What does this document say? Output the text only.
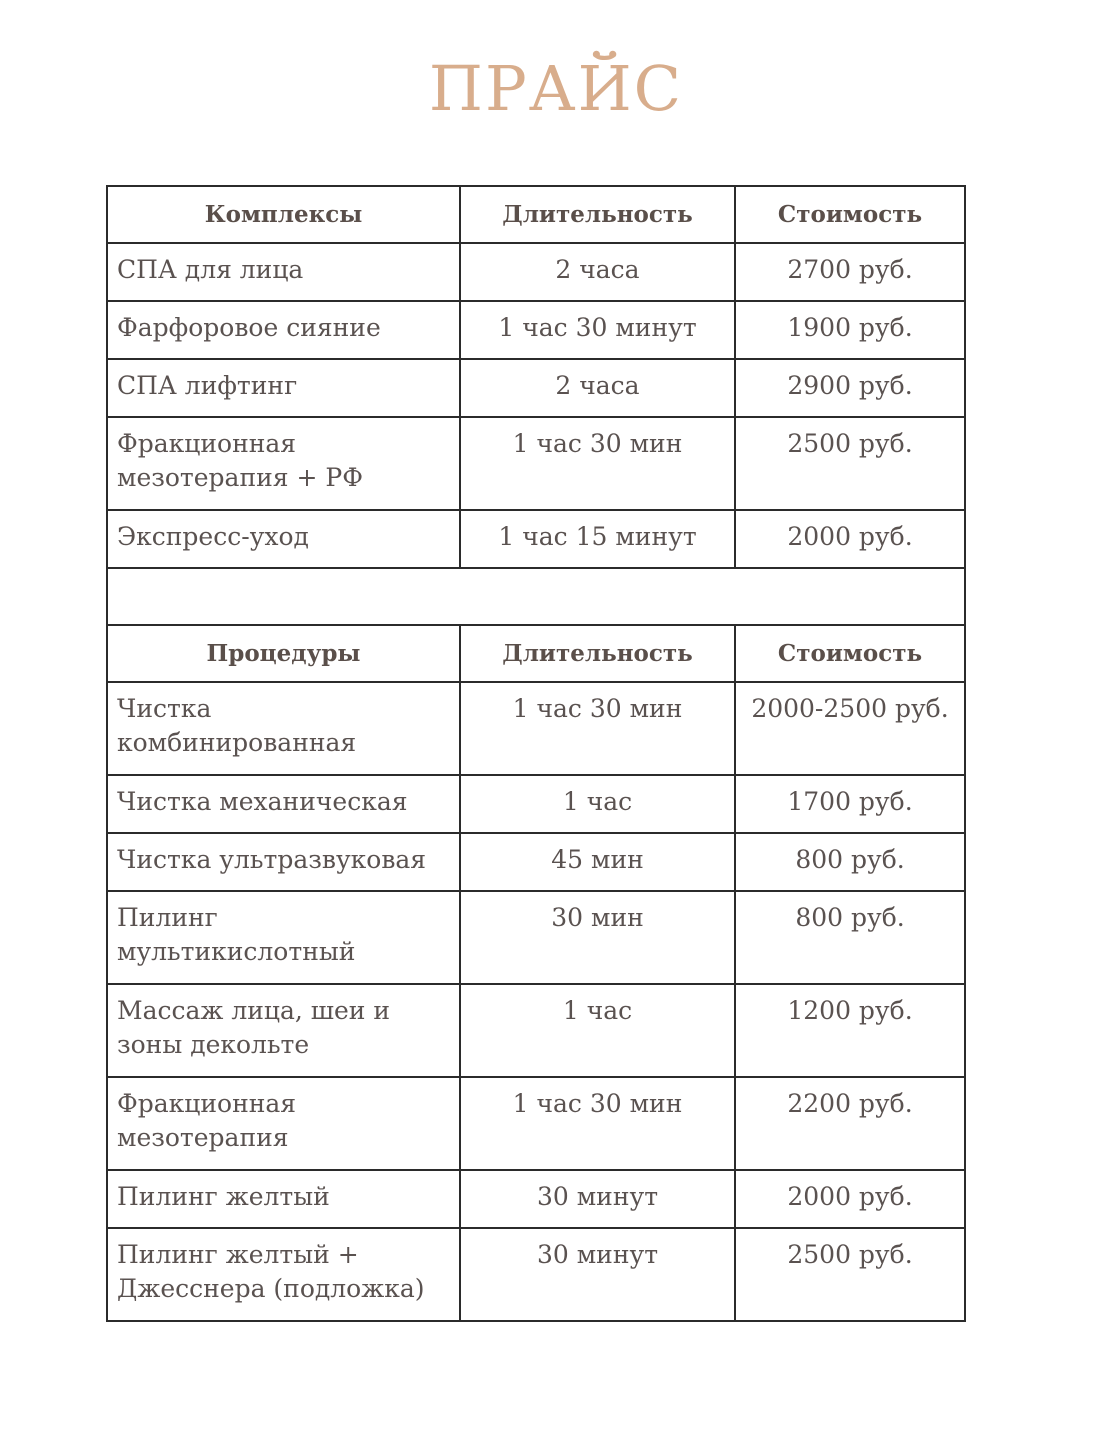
ПРАЙС
Комплексы	Длительность	Стоимость
СПА для лица	2 часа	2700 руб.
Фарфоровое сияние	1 час 30 минут	1900 руб.
СПА лифтинг	2 часа	2900 руб.
Фракционная мезотерапия + РФ	1 час 30 мин	2500 руб.
Экспресс-уход	1 час 15 минут	2000 руб.

Процедуры	Длительность	Стоимость
Чистка комбинированная	1 час 30 мин	2000-2500 руб.
Чистка механическая	1 час	1700 руб.
Чистка ультразвуковая	45 мин	800 руб.
Пилинг мультикислотный	30 мин	800 руб.
Массаж лица, шеи и зоны декольте	1 час	1200 руб.
Фракционная мезотерапия	1 час 30 мин	2200 руб.
Пилинг желтый	30 минут	2000 руб.
Пилинг желтый + Джесснера (подложка)	30 минут	2500 руб.
